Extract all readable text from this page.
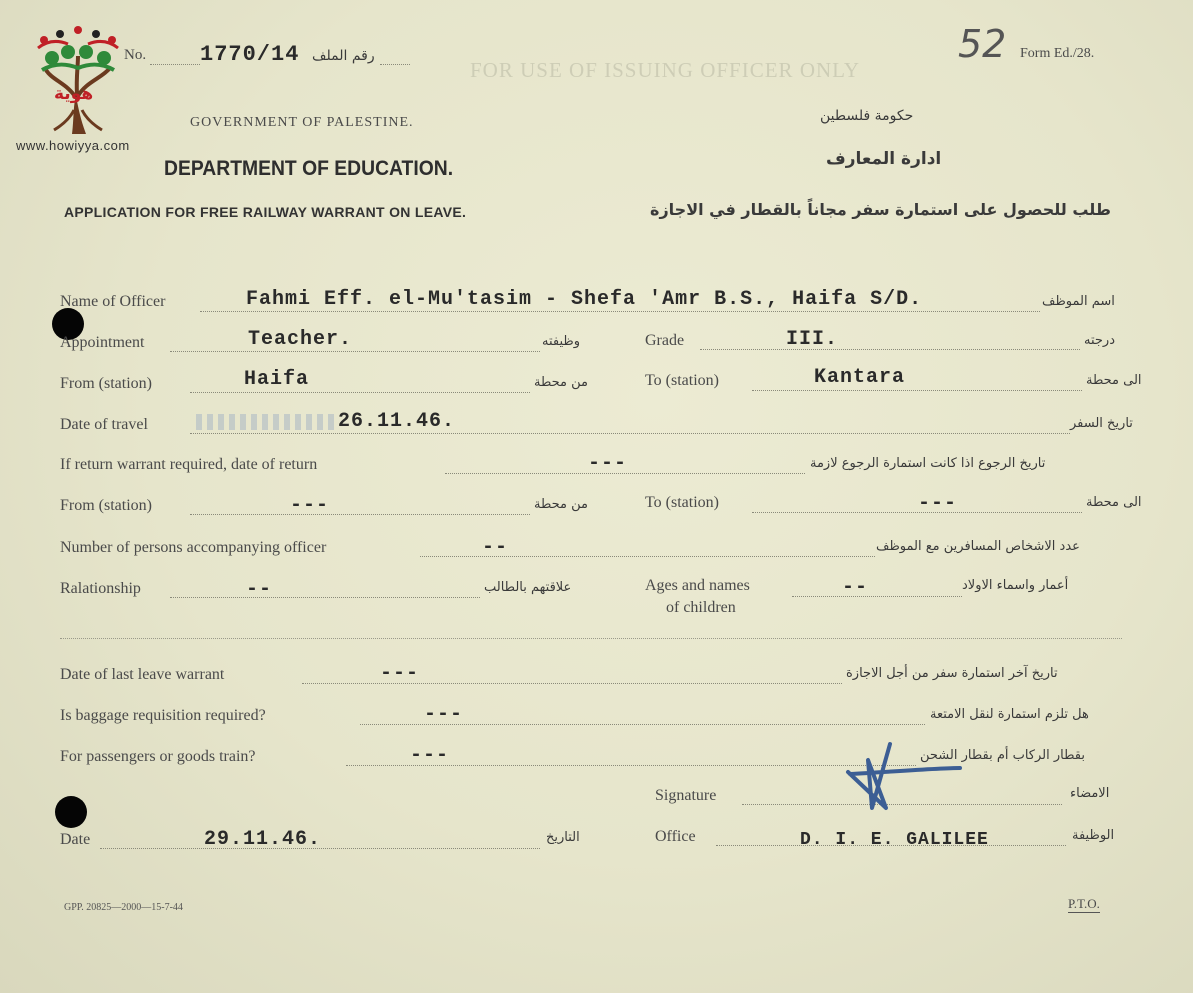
FOR USE OF ISSUING OFFICER ONLY
هوية
www.howiyya.com
No. 1770/14 رقم الملف	52 Form Ed./28.
GOVERNMENT OF PALESTINE.	حكومة فلسطين
DEPARTMENT OF EDUCATION.	ادارة المعارف
APPLICATION FOR FREE RAILWAY WARRANT ON LEAVE.	طلب للحصول على استمارة سفر مجاناً بالقطار في الاجازة
Name of Officer	Fahmi Eff. el-Mu'tasim - Shefa 'Amr B.S., Haifa S/D.	اسم الموظف
Appointment	Teacher.	وظيفته	Grade	III.	درجته
From (station)	Haifa	من محطة	To (station)	Kantara	الى محطة
Date of travel	26.11.46.	تاريخ السفر
If return warrant required, date of return	---	تاريخ الرجوع اذا كانت استمارة الرجوع لازمة
From (station)	---	من محطة	To (station)	---	الى محطة
Number of persons accompanying officer	--	عدد الاشخاص المسافرين مع الموظف
Ralationship	--	علاقتهم بالطالب	Ages and names
of children
--	أعمار واسماء الاولاد
Date of last leave warrant	---	تاريخ آخر استمارة سفر من أجل الاجازة
Is baggage requisition required?	---	هل تلزم استمارة لنقل الامتعة
For passengers or goods train?	---	بقطار الركاب أم بقطار الشحن
Signature	الامضاء
Date	29.11.46.	التاريخ	Office	D. I. E. GALILEE	الوظيفة
GPP. 20825—2000—15-7-44	P.T.O.
